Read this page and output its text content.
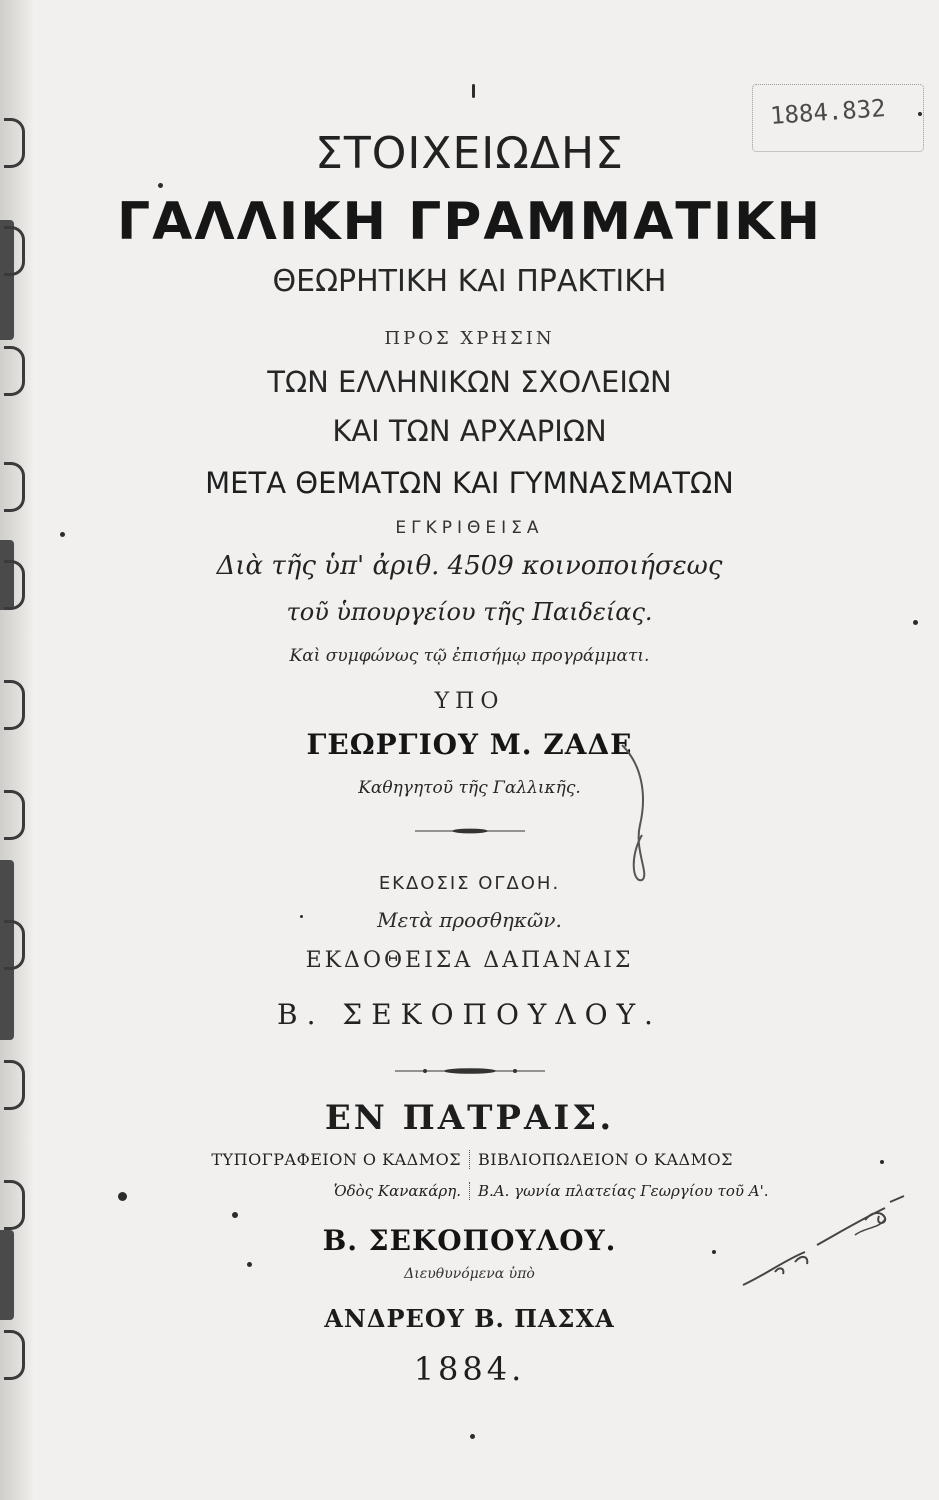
1884.832
ΣΤΟΙΧΕΙΩΔΗΣ
ΓΑΛΛΙΚΗ ΓΡΑΜΜΑΤΙΚΗ
ΘΕΩΡΗΤΙΚΗ ΚΑΙ ΠΡΑΚΤΙΚΗ
ΠΡΟΣ ΧΡΗΣΙΝ
ΤΩΝ ΕΛΛΗΝΙΚΩΝ ΣΧΟΛΕΙΩΝ
ΚΑΙ ΤΩΝ ΑΡΧΑΡΙΩΝ
ΜΕΤΑ ΘΕΜΑΤΩΝ ΚΑΙ ΓΥΜΝΑΣΜΑΤΩΝ
ΕΓΚΡΙΘΕΙΣΑ
Διὰ τῆς ὑπ' ἀριθ. 4509 κοινοποιήσεως
τοῦ ὑπουργείου τῆς Παιδείας.
Καὶ συμφώνως τῷ ἐπισήμῳ προγράμματι.
ΥΠΟ
ΓΕΩΡΓΙΟΥ Μ. ΖΑΔΕ
Καθηγητοῦ τῆς Γαλλικῆς.
ΕΚΔΟΣΙΣ ΟΓΔΟΗ.
Μετὰ προσθηκῶν.
ΕΚΔΟΘΕΙΣΑ ΔΑΠΑΝΑΙΣ
Β. ΣΕΚΟΠΟΥΛΟΥ.
ΕΝ ΠΑΤΡΑΙΣ.
ΤΥΠΟΓΡΑΦΕΙΟΝ Ο ΚΑΔΜΟΣ	ΒΙΒΛΙΟΠΩΛΕΙΟΝ Ο ΚΑΔΜΟΣ
Ὁδὸς Κανακάρη.	Β.Α. γωνία πλατείας Γεωργίου τοῦ Α'.
Β. ΣΕΚΟΠΟΥΛΟΥ.
Διευθυνόμενα ὑπὸ
ΑΝΔΡΕΟΥ Β. ΠΑΣΧΑ
1884.
